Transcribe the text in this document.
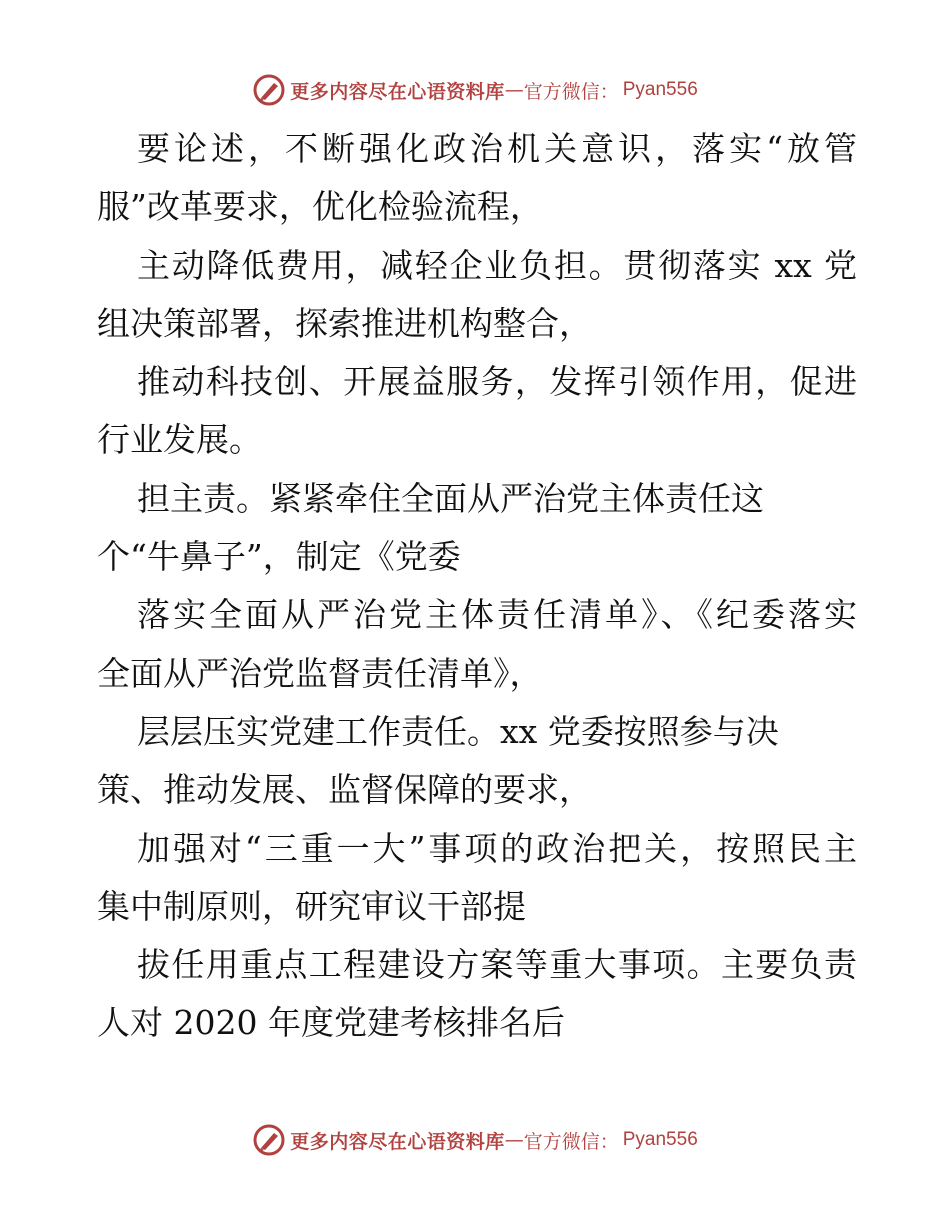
更多内容尽在心语资料库 — 官方微信： Pyan556
要论述，不断强化政治机关意识，落实“放管
服”改革要求，优化检验流程，
主动降低费用，减轻企业负担。贯彻落实 xx 党
组决策部署，探索推进机构整合，
推动科技创、开展益服务，发挥引领作用，促进
行业发展。
担主责。紧紧牵住全面从严治党主体责任这
个“牛鼻子”，制定《党委
落实全面从严治党主体责任清单》、《纪委落实
全面从严治党监督责任清单》，
层层压实党建工作责任。xx 党委按照参与决
策、推动发展、监督保障的要求，
加强对“三重一大”事项的政治把关，按照民主
集中制原则，研究审议干部提
拔任用重点工程建设方案等重大事项。主要负责
人对 2020 年度党建考核排名后
更多内容尽在心语资料库 — 官方微信： Pyan556
